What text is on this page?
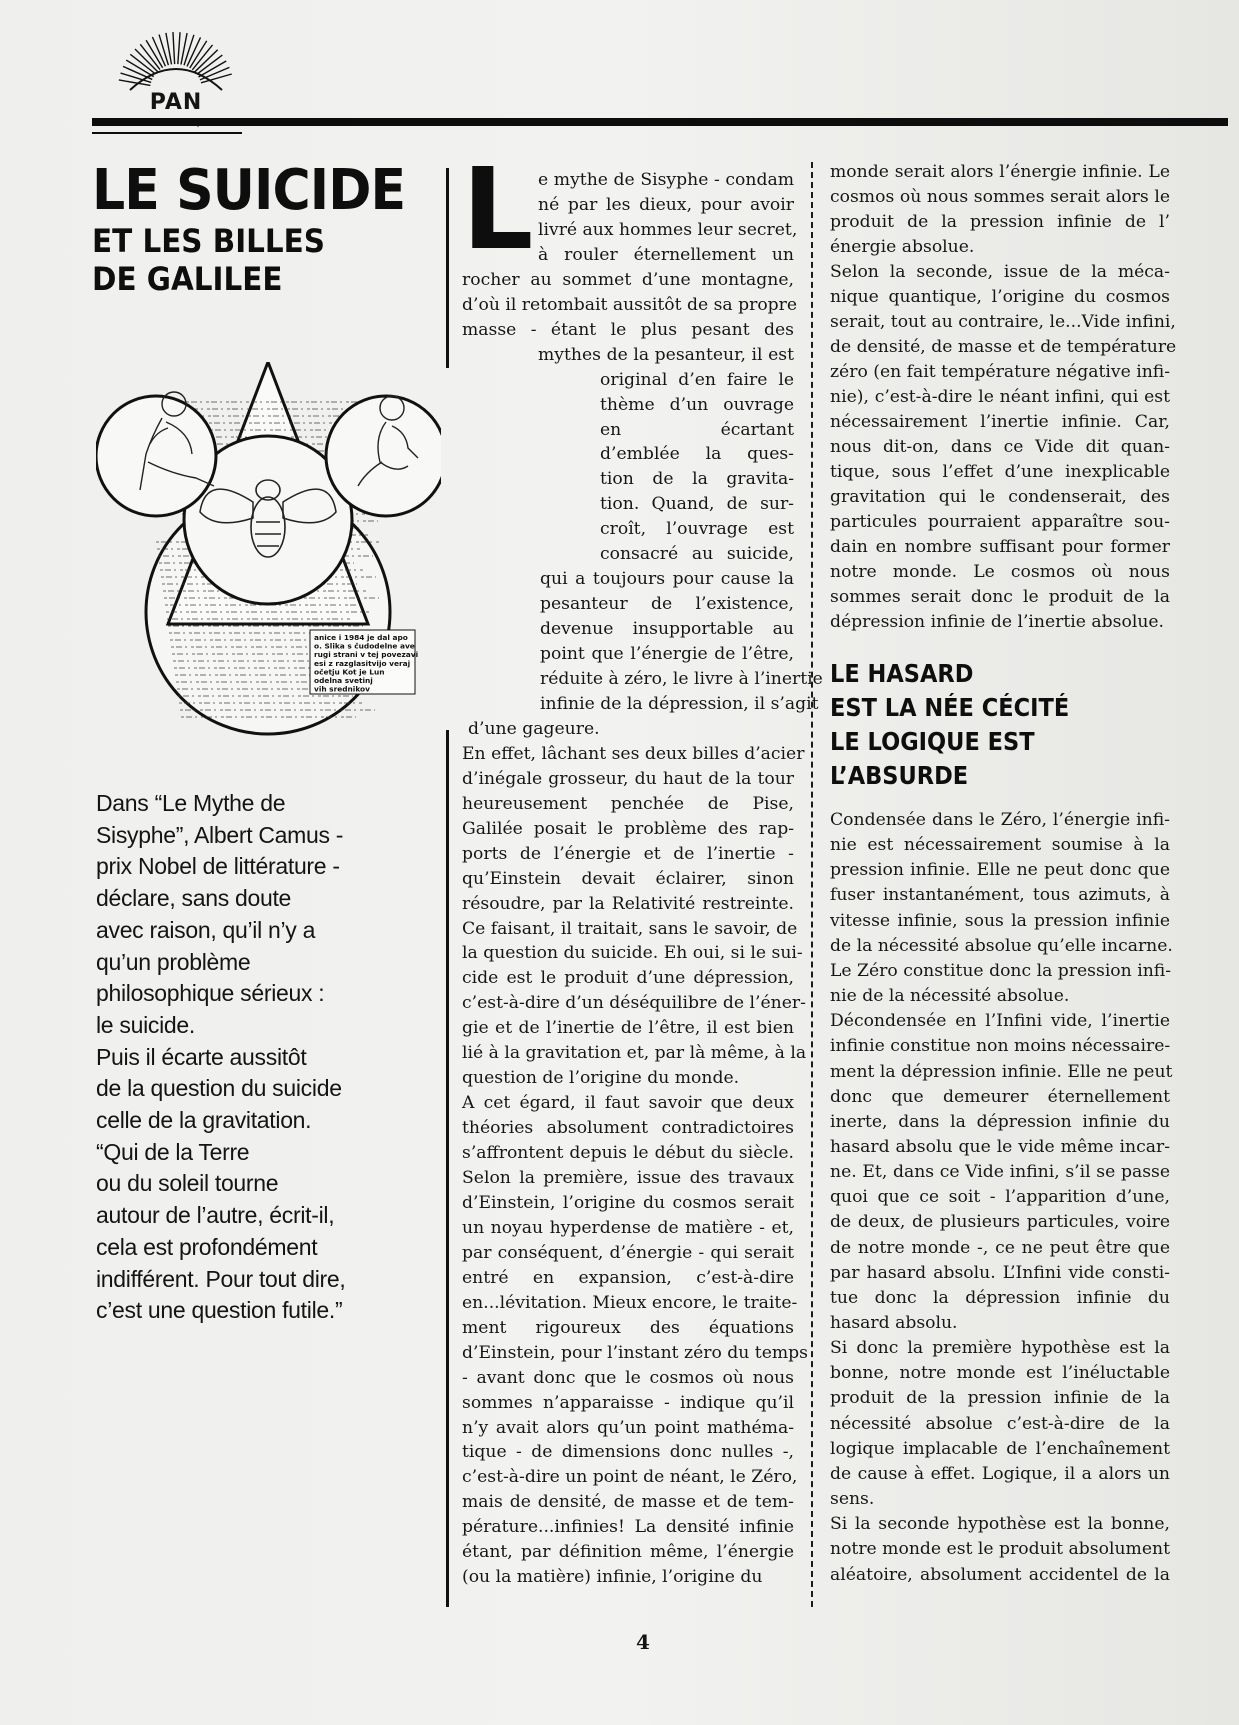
PAN
LE SUICIDE
ET LES BILLES
DE GALILEE
anice i 1984 je dal apo
o. Slika s čudodelne ave
rugi strani v tej povezavi
esi z razglasitvijo veraj
očetju Kot je Lun
odelna svetinj
vih srednikov
Dans “Le Mythe de
Sisyphe”, Albert Camus -
prix Nobel de littérature -
déclare, sans doute
avec raison, qu’il n’y a
qu’un problème
philosophique sérieux :
le suicide.
Puis il écarte aussitôt
de la question du suicide
celle de la gravitation.
“Qui de la Terre
ou du soleil tourne
autour de l’autre, écrit-il,
cela est profondément
indifférent. Pour tout dire,
c’est une question futile.”
L e mythe de Sisyphe - condam
né par les dieux, pour avoir
livré aux hommes leur secret,
à rouler éternellement un
rocher au sommet d’une montagne,
d’où il retombait aussitôt de sa propre
masse - étant le plus pesant des
mythes de la pesanteur, il est
original d’en faire le
thème d’un ouvrage
en          écartant
d’emblée la ques-
tion de la gravita-
tion. Quand, de sur-
croît, l’ouvrage est
consacré au suicide,
qui a toujours pour cause la
pesanteur de l’existence,
devenue insupportable au
point que l’énergie de l’être,
réduite à zéro, le livre à l’inertie
infinie de la dépression, il s’agit
d’une gageure.
En effet, lâchant ses deux billes d’acier
d’inégale grosseur, du haut de la tour
heureusement penchée de Pise,
Galilée posait le problème des rap-
ports de l’énergie et de l’inertie -
qu’Einstein devait éclairer, sinon
résoudre, par la Relativité restreinte.
Ce faisant, il traitait, sans le savoir, de
la question du suicide. Eh oui, si le sui-
cide est le produit d’une dépression,
c’est-à-dire d’un déséquilibre de l’éner-
gie et de l’inertie de l’être, il est bien
lié à la gravitation et, par là même, à la
question de l’origine du monde.
A cet égard, il faut savoir que deux
théories absolument contradictoires
s’affrontent depuis le début du siècle.
Selon la première, issue des travaux
d’Einstein, l’origine du cosmos serait
un noyau hyperdense de matière - et,
par conséquent, d’énergie - qui serait
entré en expansion, c’est-à-dire
en...lévitation. Mieux encore, le traite-
ment    rigoureux    des    équations
d’Einstein, pour l’instant zéro du temps
- avant donc que le cosmos où nous
sommes n’apparaisse - indique qu’il
n’y avait alors qu’un point mathéma-
tique - de dimensions donc nulles -,
c’est-à-dire un point de néant, le Zéro,
mais de densité, de masse et de tem-
pérature...infinies! La densité infinie
étant, par définition même, l’énergie
(ou la matière) infinie, l’origine du
monde serait alors l’énergie infinie. Le
cosmos où nous sommes serait alors le
produit de la pression infinie de l’
énergie absolue.
Selon la seconde, issue de la méca-
nique quantique, l’origine du cosmos
serait, tout au contraire, le...Vide infini,
de densité, de masse et de température
zéro (en fait température négative infi-
nie), c’est-à-dire le néant infini, qui est
nécessairement l’inertie infinie. Car,
nous dit-on, dans ce Vide dit quan-
tique, sous l’effet d’une inexplicable
gravitation qui le condenserait, des
particules pourraient apparaître sou-
dain en nombre suffisant pour former
notre monde. Le cosmos où nous
sommes serait donc le produit de la
dépression infinie de l’inertie absolue.
LE HASARD
EST LA NÉE CÉCITÉ
LE LOGIQUE EST
L’ABSURDE
Condensée dans le Zéro, l’énergie infi-
nie est nécessairement soumise à la
pression infinie. Elle ne peut donc que
fuser instantanément, tous azimuts, à
vitesse infinie, sous la pression infinie
de la nécessité absolue qu’elle incarne.
Le Zéro constitue donc la pression infi-
nie de la nécessité absolue.
Décondensée en l’Infini vide, l’inertie
infinie constitue non moins nécessaire-
ment la dépression infinie. Elle ne peut
donc que demeurer éternellement
inerte, dans la dépression infinie du
hasard absolu que le vide même incar-
ne. Et, dans ce Vide infini, s’il se passe
quoi que ce soit - l’apparition d’une,
de deux, de plusieurs particules, voire
de notre monde -, ce ne peut être que
par hasard absolu. L’Infini vide consti-
tue donc la dépression infinie du
hasard absolu.
Si donc la première hypothèse est la
bonne, notre monde est l’inéluctable
produit de la pression infinie de la
nécessité absolue c’est-à-dire de la
logique implacable de l’enchaînement
de cause à effet. Logique, il a alors un
sens.
Si la seconde hypothèse est la bonne,
notre monde est le produit absolument
aléatoire, absolument accidentel de la
4
